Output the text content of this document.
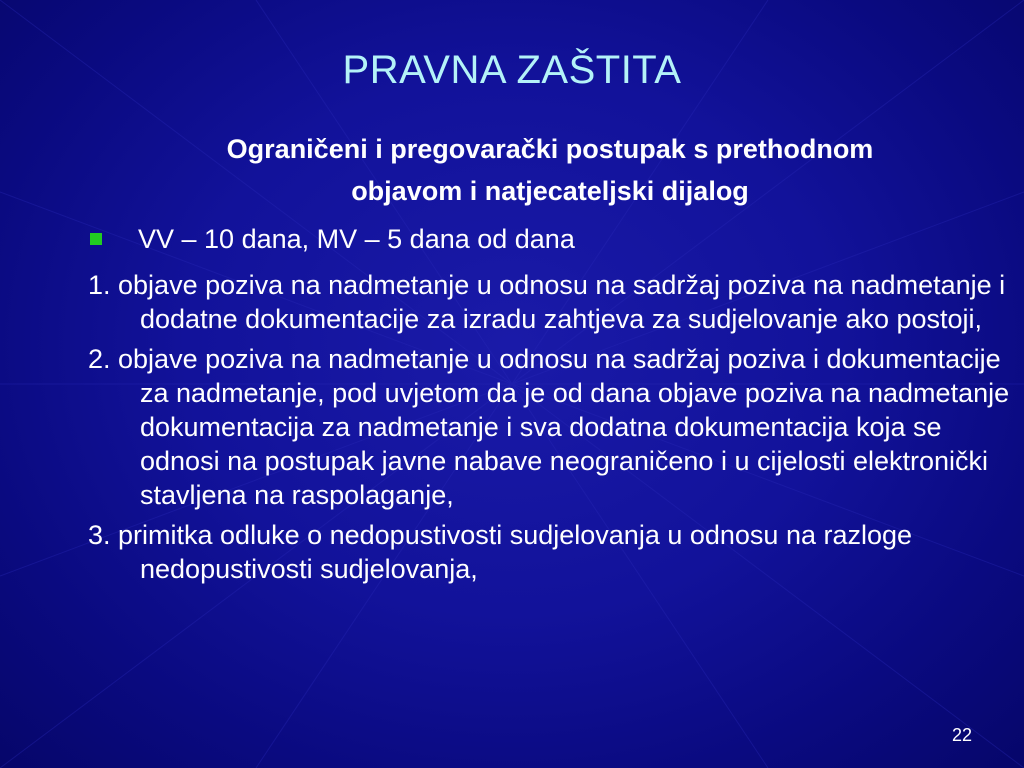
PRAVNA ZAŠTITA
Ograničeni i pregovarački postupak s prethodnom
objavom i natjecateljski dijalog
VV – 10 dana, MV – 5 dana od dana
1. objave poziva na nadmetanje u odnosu na sadržaj poziva na nadmetanje i dodatne dokumentacije za izradu zahtjeva za sudjelovanje ako postoji,
2. objave poziva na nadmetanje u odnosu na sadržaj poziva i dokumentacije za nadmetanje, pod uvjetom da je od dana objave poziva na nadmetanje dokumentacija za nadmetanje i sva dodatna dokumentacija koja se odnosi na postupak javne nabave neograničeno i u cijelosti elektronički stavljena na raspolaganje,
3. primitka odluke o nedopustivosti sudjelovanja u odnosu na razloge nedopustivosti sudjelovanja,
22
